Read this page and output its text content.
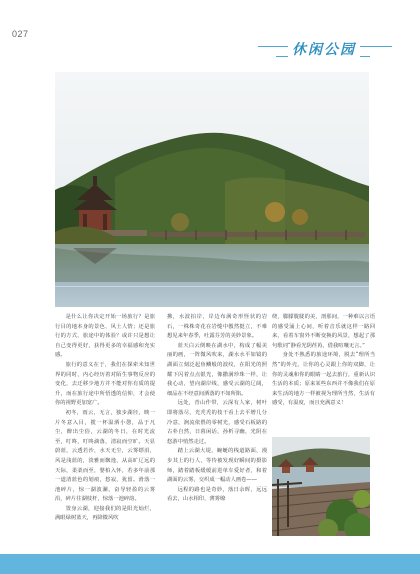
027
休闲公园

是什么让你决定开始一场旅行？是旅行目的地本身的景色、风土人情；还是旅行的方式、旅途中的体验？或许只是想让自己变得更好，获得更多的幸福感和充实感。

旅行的意义在于，我们在探索未知世界的同时，内心经历着对陌生事物反应的变化，去迁移少地方并不能对你有质的提升，而在旅行途中所悟透的信仰，才会使你的视野更加宽广。

初冬，雨云，无言，独步湖径，映一片冬意入目，揽一杯温酒小憩，品于凡尘，醉出尘俗，云湖的冬日，在时光流至，叮咚，叮咚滴落，清寂而空旷。天显蔚蓝，云透若沙，水天无尘，云雾缥涓，风是浅蓝的，淡雅而飘逸，从高旷辽远的天际，柔柔而至，婴柏入怀，若多年前那一道清蓝色的划痕，悠寂，犹留。滑落一池碎片，惊一湖波澜，奋导轻盈的云雾沿，碎片往湖枝杆，惊落一池碎韵。

置身云湖，迎接我们的是阳光灿烂，满眼绿树蓝天，再降微风吹

拂，水波拍岸，岸边布满奇形怪状的岩石，一株株奇花在岩缝中傲然挺立，不难想见来年春季，吐露芬芳的美妙景象。

蓝天白云倒映在湖水中，构成了幅美丽的画，一阵微风吹来，湖水水平如镜的湖面立刻泛起鱼鳞般的波纹，在阳光的照耀下闪着点点银光，像撒满珍珠一样，让我心动，望向湖岸线，感受云湖的辽阔，细品在不经意间洒落的不如所陷。

远处，青山作带，云深有人家，树叶即将落尽，光秃秃的枝干看上去平增几分冷意，涧流依偎的零树光，感受石板路的古朴自然，日暮闲话，孙析寻幽，光阴在悠游中悄然走过。

踏上云湖大堤，蜿蜒的栈道路面，漫步其上的行人，等待被发现好瞬间的摄影师，踏着踏板缓缓前进单车爱好者，和着湖面的云雾，交织成一幅动人画卷——

远程的路也是奇妙，落日余晖，远远看去，山水相印，薄雾缭

绕，朦朦胧胧的美，剖那间，一种难以言语的感受涌上心间，听着音乐就这样一路回来，看着车窗外不断变换的风景，想起了那句歌词“静看光阴荏苒，借我喧嚷无言。”

身处不熟悉的旅途环境，脱去“理所当然”的外壳，让你的心灵跟上你的双脚，让你的灵魂和你的眼睛一起去旅行，重新认识生活的本质；原来某些东西并不像我们在原来生活的地方一样被视为理所当然，生活有感受，有温度，而且充满意义！
